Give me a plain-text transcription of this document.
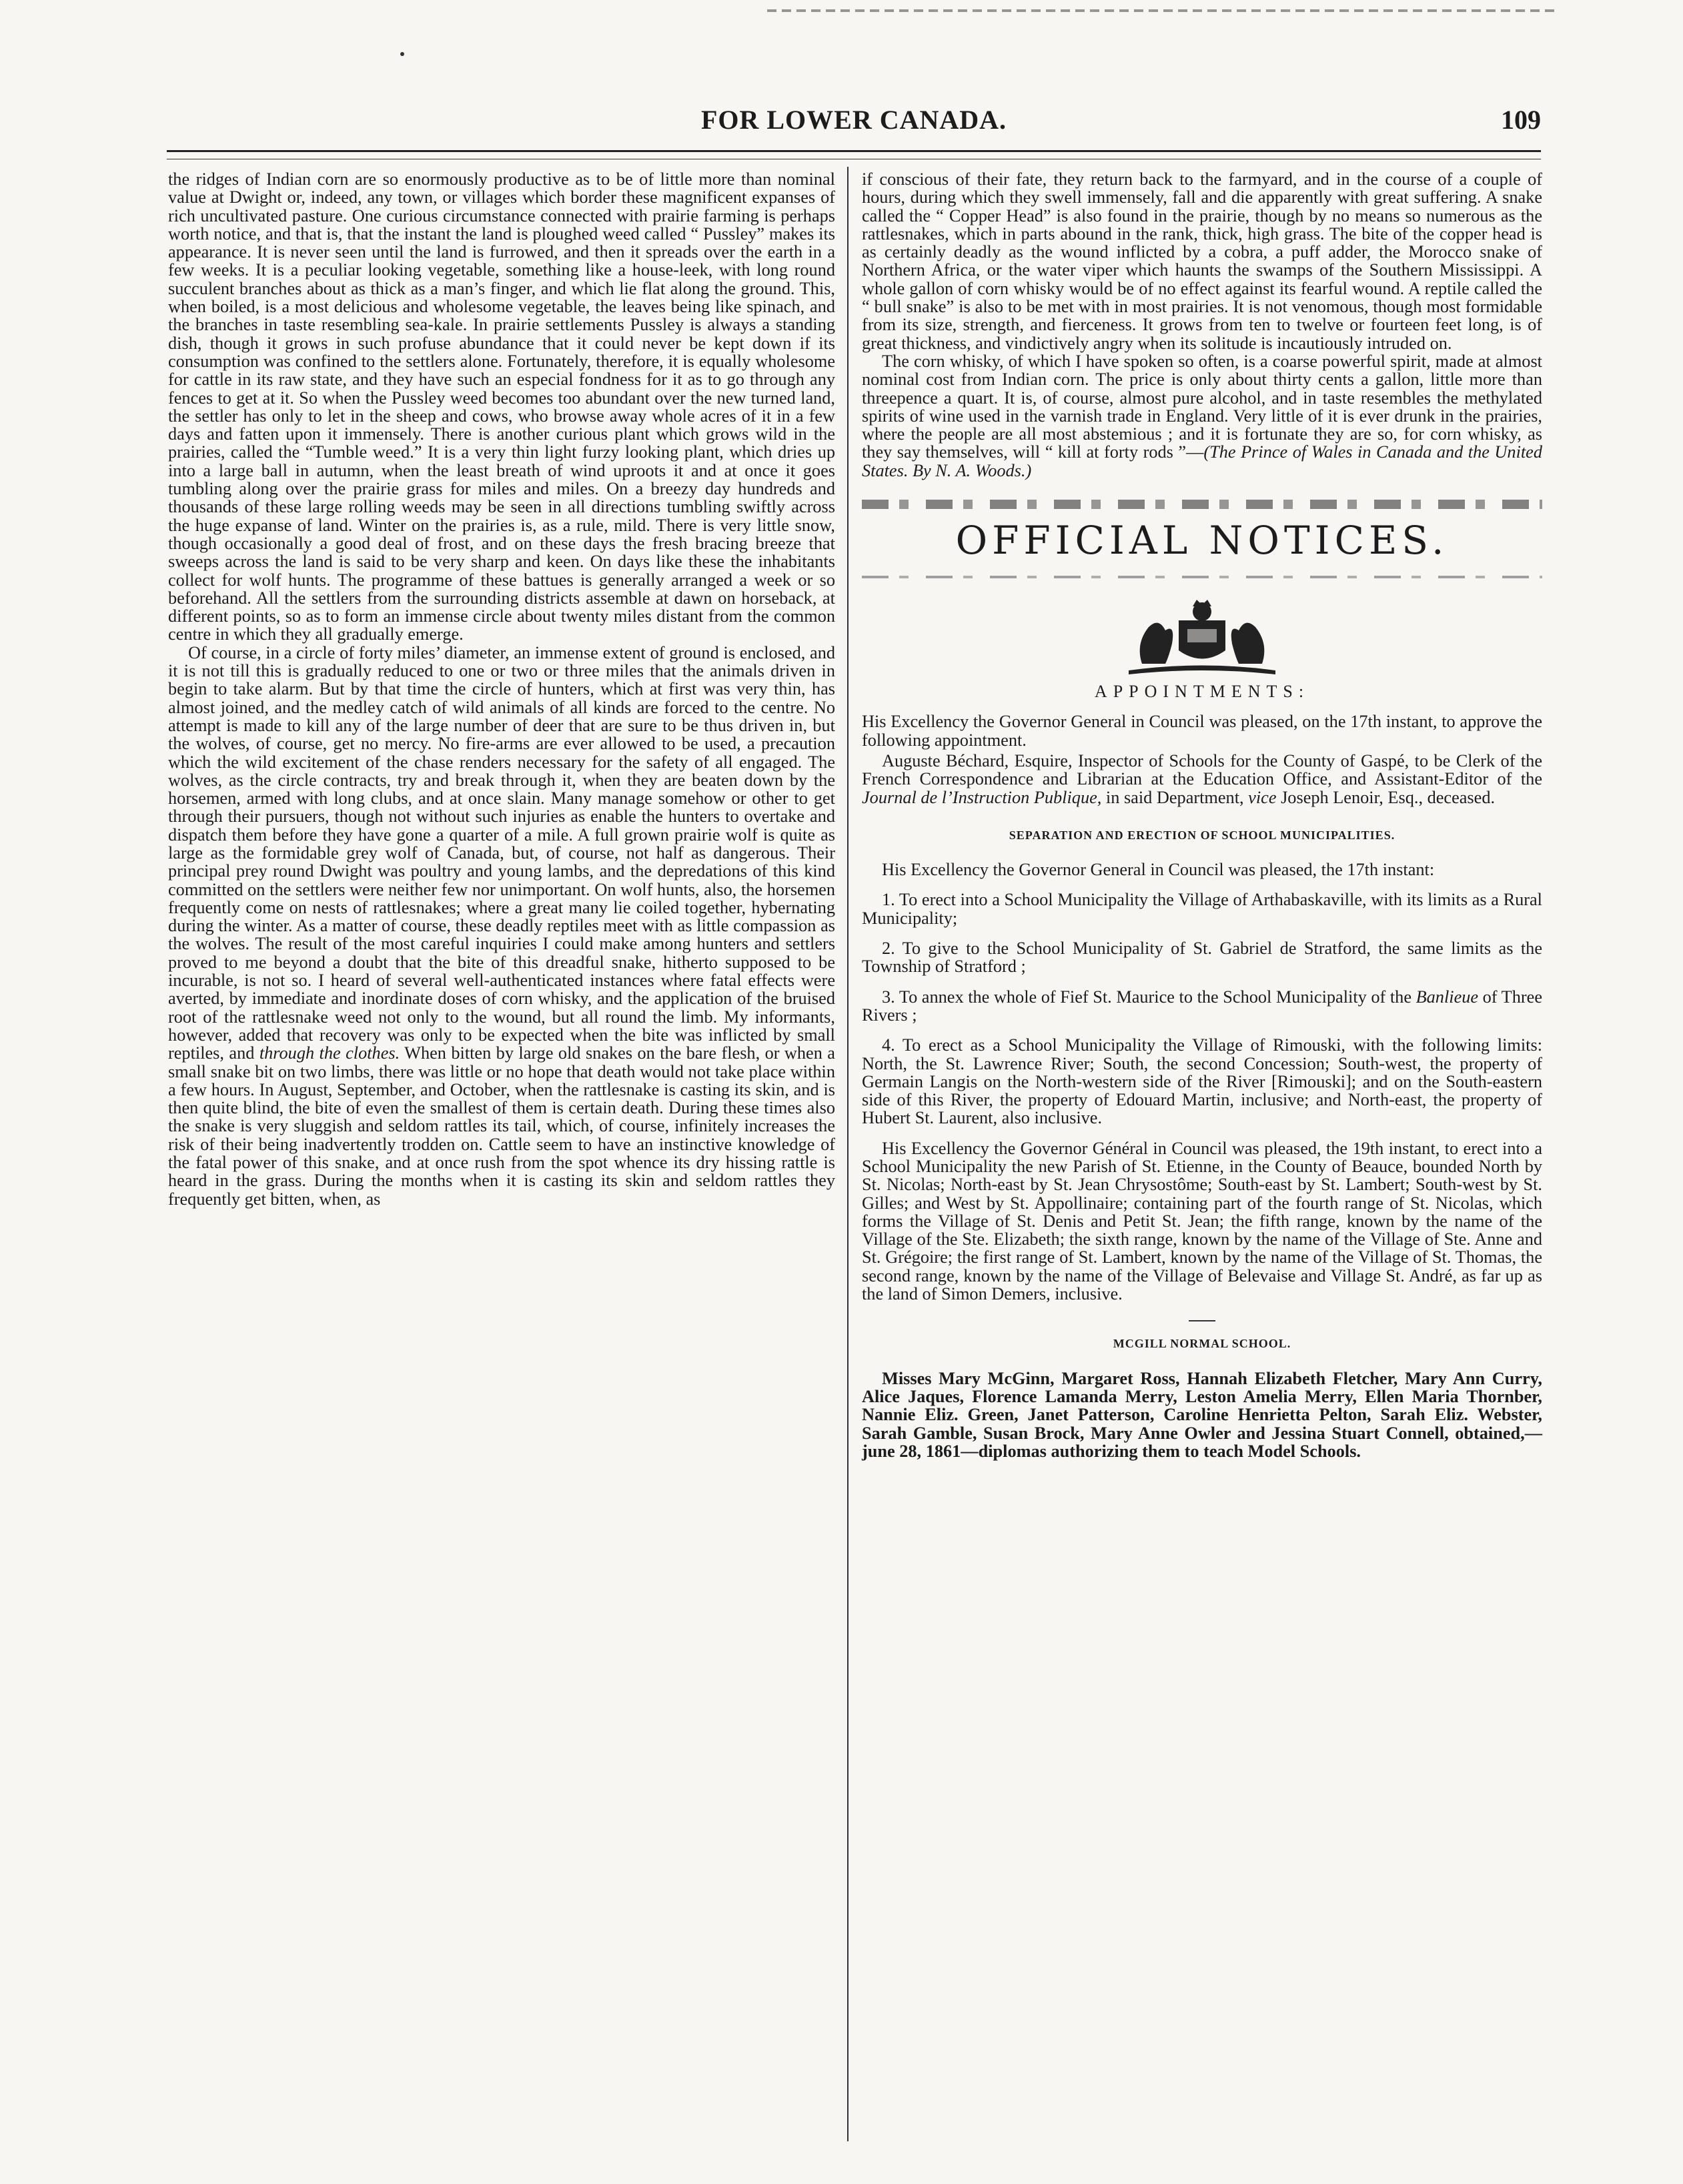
FOR LOWER CANADA.	109

the ridges of Indian corn are so enormously productive as to be of little more than nominal value at Dwight or, indeed, any town, or villages which border these magnificent expanses of rich uncultivated pasture. One curious circumstance connected with prairie farming is perhaps worth notice, and that is, that the instant the land is ploughed weed called “ Pussley” makes its appearance. It is never seen until the land is furrowed, and then it spreads over the earth in a few weeks. It is a peculiar looking vegetable, something like a house-leek, with long round succulent branches about as thick as a man’s finger, and which lie flat along the ground. This, when boiled, is a most delicious and wholesome vegetable, the leaves being like spinach, and the branches in taste resembling sea-kale. In prairie settlements Pussley is always a standing dish, though it grows in such profuse abundance that it could never be kept down if its consumption was confined to the settlers alone. Fortunately, therefore, it is equally wholesome for cattle in its raw state, and they have such an especial fondness for it as to go through any fences to get at it. So when the Pussley weed becomes too abundant over the new turned land, the settler has only to let in the sheep and cows, who browse away whole acres of it in a few days and fatten upon it immensely. There is another curious plant which grows wild in the prairies, called the “Tumble weed.” It is a very thin light furzy looking plant, which dries up into a large ball in autumn, when the least breath of wind uproots it and at once it goes tumbling along over the prairie grass for miles and miles. On a breezy day hundreds and thousands of these large rolling weeds may be seen in all directions tumbling swiftly across the huge expanse of land. Winter on the prairies is, as a rule, mild. There is very little snow, though occasionally a good deal of frost, and on these days the fresh bracing breeze that sweeps across the land is said to be very sharp and keen. On days like these the inhabitants collect for wolf hunts. The programme of these battues is generally arranged a week or so beforehand. All the settlers from the surrounding districts assemble at dawn on horseback, at different points, so as to form an immense circle about twenty miles distant from the common centre in which they all gradually emerge.

Of course, in a circle of forty miles’ diameter, an immense extent of ground is enclosed, and it is not till this is gradually reduced to one or two or three miles that the animals driven in begin to take alarm. But by that time the circle of hunters, which at first was very thin, has almost joined, and the medley catch of wild animals of all kinds are forced to the centre. No attempt is made to kill any of the large number of deer that are sure to be thus driven in, but the wolves, of course, get no mercy. No fire-arms are ever allowed to be used, a precaution which the wild excitement of the chase renders necessary for the safety of all engaged. The wolves, as the circle contracts, try and break through it, when they are beaten down by the horsemen, armed with long clubs, and at once slain. Many manage somehow or other to get through their pursuers, though not without such injuries as enable the hunters to overtake and dispatch them before they have gone a quarter of a mile. A full grown prairie wolf is quite as large as the formidable grey wolf of Canada, but, of course, not half as dangerous. Their principal prey round Dwight was poultry and young lambs, and the depredations of this kind committed on the settlers were neither few nor unimportant. On wolf hunts, also, the horsemen frequently come on nests of rattlesnakes; where a great many lie coiled together, hybernating during the winter. As a matter of course, these deadly reptiles meet with as little compassion as the wolves. The result of the most careful inquiries I could make among hunters and settlers proved to me beyond a doubt that the bite of this dreadful snake, hitherto supposed to be incurable, is not so. I heard of several well-authenticated instances where fatal effects were averted, by immediate and inordinate doses of corn whisky, and the application of the bruised root of the rattlesnake weed not only to the wound, but all round the limb. My informants, however, added that recovery was only to be expected when the bite was inflicted by small reptiles, and through the clothes. When bitten by large old snakes on the bare flesh, or when a small snake bit on two limbs, there was little or no hope that death would not take place within a few hours. In August, September, and October, when the rattlesnake is casting its skin, and is then quite blind, the bite of even the smallest of them is certain death. During these times also the snake is very sluggish and seldom rattles its tail, which, of course, infinitely increases the risk of their being inadvertently trodden on. Cattle seem to have an instinctive knowledge of the fatal power of this snake, and at once rush from the spot whence its dry hissing rattle is heard in the grass. During the months when it is casting its skin and seldom rattles they frequently get bitten, when, as

if conscious of their fate, they return back to the farmyard, and in the course of a couple of hours, during which they swell immensely, fall and die apparently with great suffering. A snake called the “ Copper Head” is also found in the prairie, though by no means so numerous as the rattlesnakes, which in parts abound in the rank, thick, high grass. The bite of the copper head is as certainly deadly as the wound inflicted by a cobra, a puff adder, the Morocco snake of Northern Africa, or the water viper which haunts the swamps of the Southern Mississippi. A whole gallon of corn whisky would be of no effect against its fearful wound. A reptile called the “ bull snake” is also to be met with in most prairies. It is not venomous, though most formidable from its size, strength, and fierceness. It grows from ten to twelve or fourteen feet long, is of great thickness, and vindictively angry when its solitude is incautiously intruded on.

The corn whisky, of which I have spoken so often, is a coarse powerful spirit, made at almost nominal cost from Indian corn. The price is only about thirty cents a gallon, little more than threepence a quart. It is, of course, almost pure alcohol, and in taste resembles the methylated spirits of wine used in the varnish trade in England. Very little of it is ever drunk in the prairies, where the people are all most abstemious ; and it is fortunate they are so, for corn whisky, as they say themselves, will “ kill at forty rods ”—(The Prince of Wales in Canada and the United States. By N. A. Woods.)

OFFICIAL NOTICES.
APPOINTMENTS:

His Excellency the Governor General in Council was pleased, on the 17th instant, to approve the following appointment.

Auguste Béchard, Esquire, Inspector of Schools for the County of Gaspé, to be Clerk of the French Correspondence and Librarian at the Education Office, and Assistant-Editor of the Journal de l’Instruction Publique, in said Department, vice Joseph Lenoir, Esq., deceased.

SEPARATION AND ERECTION OF SCHOOL MUNICIPALITIES.

His Excellency the Governor General in Council was pleased, the 17th instant:

1. To erect into a School Municipality the Village of Arthabaskaville, with its limits as a Rural Municipality;

2. To give to the School Municipality of St. Gabriel de Stratford, the same limits as the Township of Stratford ;

3. To annex the whole of Fief St. Maurice to the School Municipality of the Banlieue of Three Rivers ;

4. To erect as a School Municipality the Village of Rimouski, with the following limits: North, the St. Lawrence River; South, the second Concession; South-west, the property of Germain Langis on the North-western side of the River [Rimouski]; and on the South-eastern side of this River, the property of Edouard Martin, inclusive; and North-east, the property of Hubert St. Laurent, also inclusive.

His Excellency the Governor Général in Council was pleased, the 19th instant, to erect into a School Municipality the new Parish of St. Etienne, in the County of Beauce, bounded North by St. Nicolas; North-east by St. Jean Chrysostôme; South-east by St. Lambert; South-west by St. Gilles; and West by St. Appollinaire; containing part of the fourth range of St. Nicolas, which forms the Village of St. Denis and Petit St. Jean; the fifth range, known by the name of the Village of the Ste. Elizabeth; the sixth range, known by the name of the Village of Ste. Anne and St. Grégoire; the first range of St. Lambert, known by the name of the Village of St. Thomas, the second range, known by the name of the Village of Belevaise and Village St. André, as far up as the land of Simon Demers, inclusive.

MCGILL NORMAL SCHOOL.

Misses Mary McGinn, Margaret Ross, Hannah Elizabeth Fletcher, Mary Ann Curry, Alice Jaques, Florence Lamanda Merry, Leston Amelia Merry, Ellen Maria Thornber, Nannie Eliz. Green, Janet Patterson, Caroline Henrietta Pelton, Sarah Eliz. Webster, Sarah Gamble, Susan Brock, Mary Anne Owler and Jessina Stuart Connell, obtained,—june 28, 1861—diplomas authorizing them to teach Model Schools.
